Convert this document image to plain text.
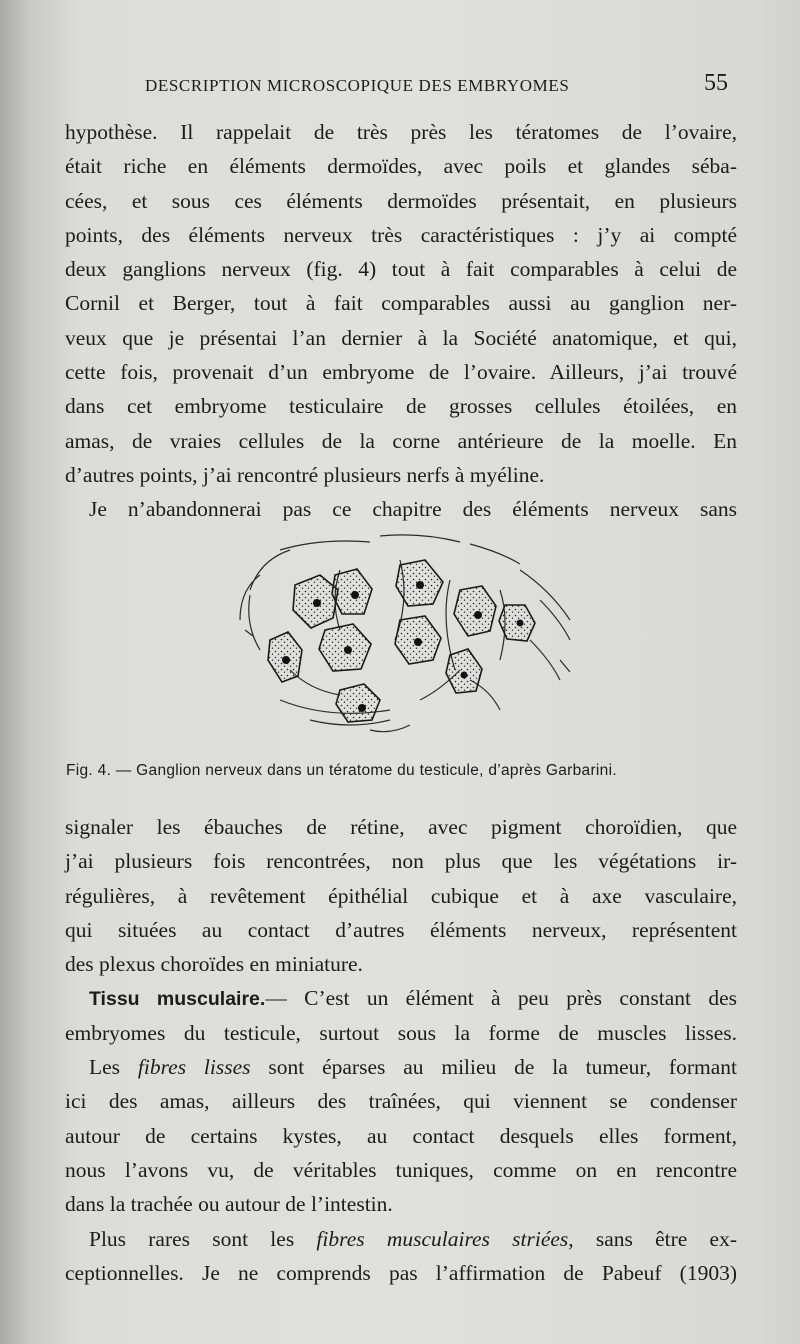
DESCRIPTION MICROSCOPIQUE DES EMBRYOMES	55
hypothèse. Il rappelait de très près les tératomes de l’ovaire,
était riche en éléments dermoïdes, avec poils et glandes séba-
cées, et sous ces éléments dermoïdes présentait, en plusieurs
points, des éléments nerveux très caractéristiques : j’y ai compté
deux ganglions nerveux (fig. 4) tout à fait comparables à celui de
Cornil et Berger, tout à fait comparables aussi au ganglion ner-
veux que je présentai l’an dernier à la Société anatomique, et qui,
cette fois, provenait d’un embryome de l’ovaire. Ailleurs, j’ai trouvé
dans cet embryome testiculaire de grosses cellules étoilées, en
amas, de vraies cellules de la corne antérieure de la moelle. En
d’autres points, j’ai rencontré plusieurs nerfs à myéline.
Je n’abandonnerai pas ce chapitre des éléments nerveux sans
Fig. 4. — Ganglion nerveux dans un tératome du testicule, d’après Garbarini.
signaler les ébauches de rétine, avec pigment choroïdien, que
j’ai plusieurs fois rencontrées, non plus que les végétations ir-
régulières, à revêtement épithélial cubique et à axe vasculaire,
qui situées au contact d’autres éléments nerveux, représentent
des plexus choroïdes en miniature.
Tissu musculaire.— C’est un élément à peu près constant des
embryomes du testicule, surtout sous la forme de muscles lisses.
Les fibres lisses sont éparses au milieu de la tumeur, formant
ici des amas, ailleurs des traînées, qui viennent se condenser
autour de certains kystes, au contact desquels elles forment,
nous l’avons vu, de véritables tuniques, comme on en rencontre
dans la trachée ou autour de l’intestin.
Plus rares sont les fibres musculaires striées, sans être ex-
ceptionnelles. Je ne comprends pas l’affirmation de Pabeuf (1903)
